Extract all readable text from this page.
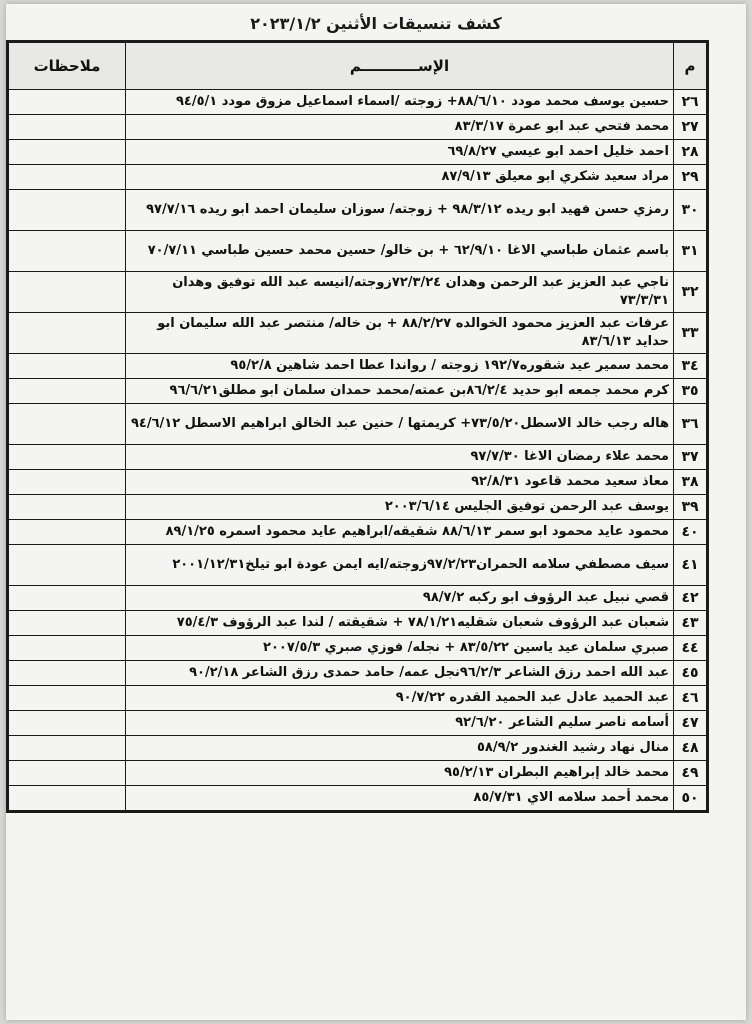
كشف تنسيقات الأثنين ٢٠٢٣/١/٢
م	الإســـــــــــم	ملاحظات
٢٦	حسين يوسف محمد مودد ٨٨/٦/١٠+ زوجته /اسماء اسماعيل مزوق مودد ٩٤/٥/١	
٢٧	محمد فتحي عبد ابو عمرة ٨٣/٣/١٧	
٢٨	احمد خليل احمد ابو عيسي ٦٩/٨/٢٧	
٢٩	مراد سعيد شكري ابو معيلق ٨٧/٩/١٣	
٣٠	رمزي حسن فهيد ابو ريده ٩٨/٣/١٢ + زوجته/ سوزان سليمان احمد ابو ريده ٩٧/٧/١٦	
٣١	باسم عثمان طباسي الاغا ٦٢/٩/١٠ + بن خالو/ حسين محمد حسين طباسي ٧٠/٧/١١	
٣٢	ناجي عبد العزيز عبد الرحمن وهدان ٧٢/٣/٢٤زوجته/انيسه عبد الله توفيق وهدان ٧٣/٣/٣١	
٣٣	عرفات عبد العزيز محمود الخوالده ٨٨/٢/٢٧ + بن خاله/ منتصر عبد الله سليمان ابو حدايد ٨٣/٦/١٣	
٣٤	محمد سمير عيد شقوره١٩٢/٧ زوجته / رواندا عطا احمد شاهين ٩٥/٢/٨	
٣٥	كرم محمد جمعه ابو حديد ٨٦/٢/٤بن عمته/محمد حمدان سلمان ابو مطلق٩٦/٦/٢١	
٣٦	هاله رجب خالد الاسطل٧٣/٥/٢٠+ كريمتها / حنين عبد الخالق ابراهيم الاسطل ٩٤/٦/١٢	
٣٧	محمد علاء رمضان الاغا ٩٧/٧/٣٠	
٣٨	معاذ سعيد محمد قاعود ٩٢/٨/٣١	
٣٩	يوسف عبد الرحمن توفيق الجليس ٢٠٠٣/٦/١٤	
٤٠	محمود عايد محمود ابو سمر ٨٨/٦/١٣ شقيقه/ابراهيم عايد محمود اسمره ٨٩/١/٢٥	
٤١	سيف مصطفي سلامه الحمران٩٧/٢/٢٣زوجته/ايه ايمن عودة ابو تيلخ٢٠٠١/١٢/٣١	
٤٢	قصي نبيل عبد الرؤوف ابو ركبه ٩٨/٧/٢	
٤٣	شعبان عبد الرؤوف شعبان شقليه٧٨/١/٢١ + شقيقته / لندا عبد الرؤوف ٧٥/٤/٣	
٤٤	صبري سلمان عيد ياسين ٨٣/٥/٢٢ + نجله/ فوزي صبري ٢٠٠٧/٥/٣	
٤٥	عبد الله احمد رزق الشاعر ٩٦/٢/٣نجل عمه/ حامد حمدى رزق الشاعر ٩٠/٢/١٨	
٤٦	عبد الحميد عادل عبد الحميد القدره ٩٠/٧/٢٢	
٤٧	أسامه ناصر سليم الشاعر ٩٢/٦/٢٠	
٤٨	منال نهاد رشيد الغندور ٥٨/٩/٢	
٤٩	محمد خالد إبراهيم البطران ٩٥/٢/١٣	
٥٠	محمد أحمد سلامه الاي ٨٥/٧/٣١	
